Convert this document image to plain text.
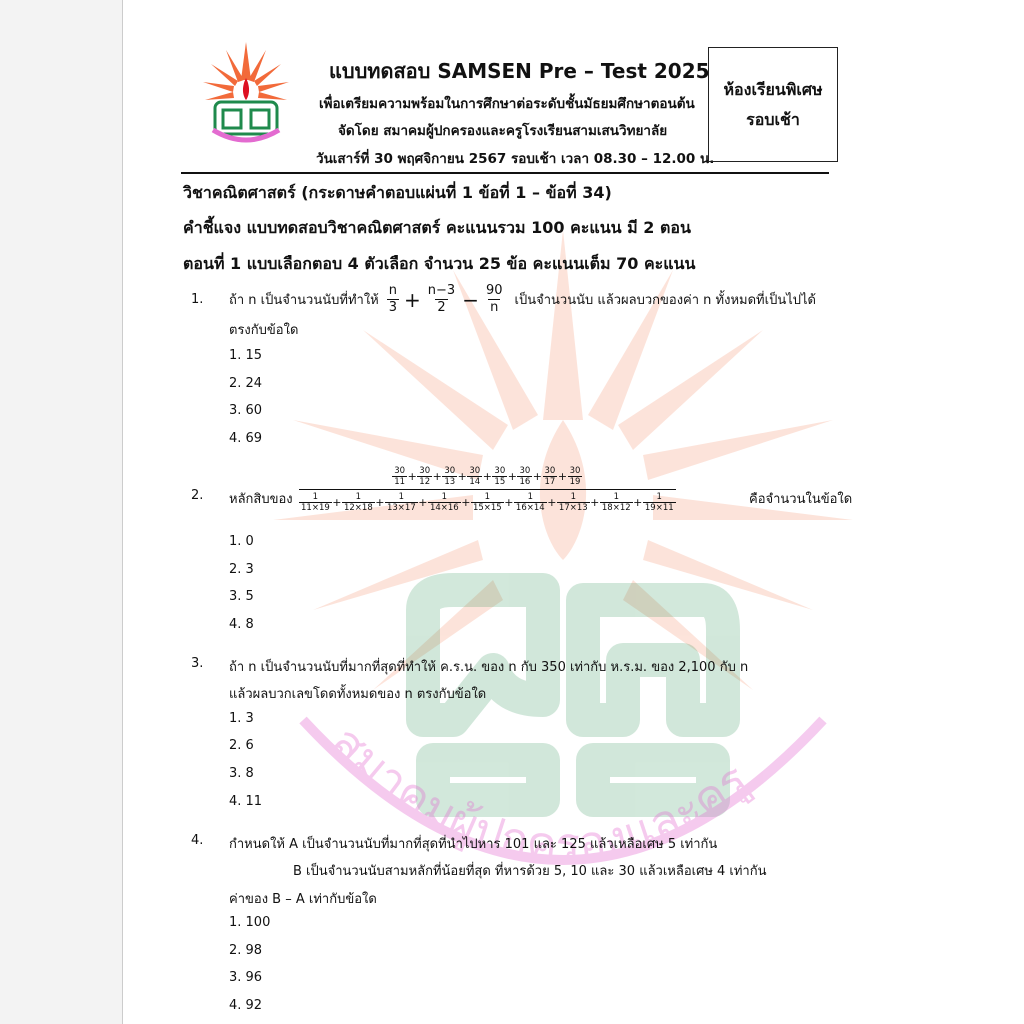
สมาคมผู้ปกครองและครู
แบบทดสอบ SAMSEN Pre – Test 2025
เพื่อเตรียมความพร้อมในการศึกษาต่อระดับชั้นมัธยมศึกษาตอนต้น
จัดโดย สมาคมผู้ปกครองและครูโรงเรียนสามเสนวิทยาลัย
วันเสาร์ที่ 30 พฤศจิกายน 2567 รอบเช้า เวลา 08.30 – 12.00 น.
ห้องเรียนพิเศษ
รอบเช้า
วิชาคณิตศาสตร์ (กระดาษคำตอบแผ่นที่ 1 ข้อที่ 1 – ข้อที่ 34)
คำชี้แจง แบบทดสอบวิชาคณิตศาสตร์ คะแนนรวม 100 คะแนน มี 2 ตอน
ตอนที่ 1 แบบเลือกตอบ 4 ตัวเลือก จำนวน 25 ข้อ คะแนนเต็ม 70 คะแนน
1. ถ้า n เป็นจำนวนนับที่ทำให้ $\frac{n}{3} + \frac{n-3}{2} - \frac{90}{n}$ เป็นจำนวนนับ แล้วผลบวกของค่า n ทั้งหมดที่เป็นไปได้
ตรงกับข้อใด
1. 15
2. 24
3. 60
4. 69
2. หลักสิบของ
$\frac{30}{11} + \frac{30}{12} + \frac{30}{13} + \frac{30}{14} + \frac{30}{15} + \frac{30}{16} + \frac{30}{17} + \frac{30}{19}$
$\frac{1}{11\times 19} + \frac{1}{12\times 18} + \frac{1}{13\times 17} + \frac{1}{14\times 16} + \frac{1}{15\times 15} + \frac{1}{16\times 14} + \frac{1}{17\times 13} + \frac{1}{18\times 12} + \frac{1}{19\times 11}$	คือจำนวนในข้อใด
1. 0
2. 3
3. 5
4. 8
3. ถ้า n เป็นจำนวนนับที่มากที่สุดที่ทำให้ ค.ร.น. ของ n กับ 350 เท่ากับ ห.ร.ม. ของ 2,100 กับ n
แล้วผลบวกเลขโดดทั้งหมดของ n ตรงกับข้อใด
1. 3
2. 6
3. 8
4. 11
4. กำหนดให้ A เป็นจำนวนนับที่มากที่สุดที่นำไปหาร 101 และ 125 แล้วเหลือเศษ 5 เท่ากัน
B เป็นจำนวนนับสามหลักที่น้อยที่สุด ที่หารด้วย 5, 10 และ 30 แล้วเหลือเศษ 4 เท่ากัน
ค่าของ B – A เท่ากับข้อใด
1. 100
2. 98
3. 96
4. 92
